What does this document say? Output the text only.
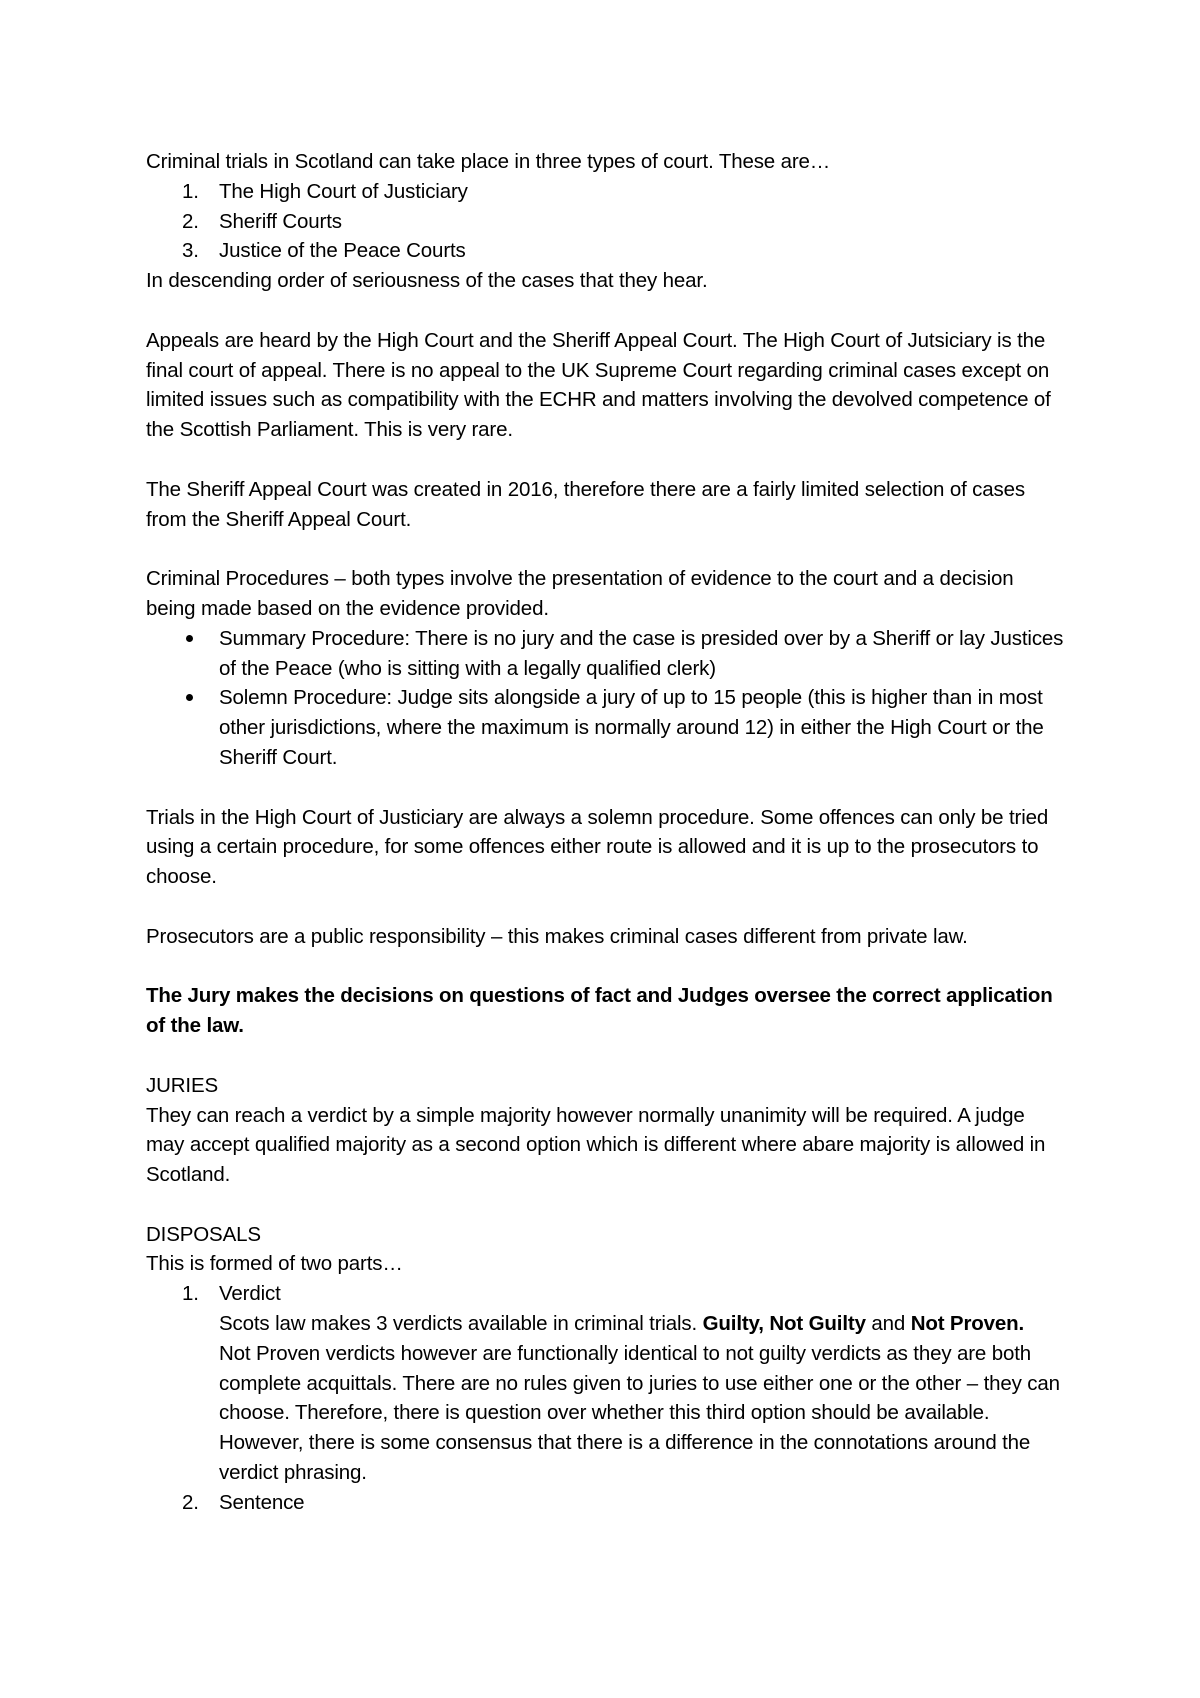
Criminal trials in Scotland can take place in three types of court. These are…

1. The High Court of Justiciary
2. Sheriff Courts
3. Justice of the Peace Courts

In descending order of seriousness of the cases that they hear.

Appeals are heard by the High Court and the Sheriff Appeal Court. The High Court of Jutsiciary is the final court of appeal. There is no appeal to the UK Supreme Court regarding criminal cases except on limited issues such as compatibility with the ECHR and matters involving the devolved competence of the Scottish Parliament. This is very rare.

The Sheriff Appeal Court was created in 2016, therefore there are a fairly limited selection of cases from the Sheriff Appeal Court.

Criminal Procedures – both types involve the presentation of evidence to the court and a decision being made based on the evidence provided.

Summary Procedure: There is no jury and the case is presided over by a Sheriff or lay Justices of the Peace (who is sitting with a legally qualified clerk)
Solemn Procedure: Judge sits alongside a jury of up to 15 people (this is higher than in most other jurisdictions, where the maximum is normally around 12) in either the High Court or the Sheriff Court.

Trials in the High Court of Justiciary are always a solemn procedure. Some offences can only be tried using a certain procedure, for some offences either route is allowed and it is up to the prosecutors to choose.

Prosecutors are a public responsibility – this makes criminal cases different from private law.

The Jury makes the decisions on questions of fact and Judges oversee the correct application of the law.

JURIES

They can reach a verdict by a simple majority however normally unanimity will be required. A judge may accept qualified majority as a second option which is different where abare majority is allowed in Scotland.

DISPOSALS

This is formed of two parts…

1. Verdict
Scots law makes 3 verdicts available in criminal trials. Guilty, Not Guilty and Not Proven.
Not Proven verdicts however are functionally identical to not guilty verdicts as they are both complete acquittals. There are no rules given to juries to use either one or the other – they can choose. Therefore, there is question over whether this third option should be available. However, there is some consensus that there is a difference in the connotations around the verdict phrasing.
2. Sentence
